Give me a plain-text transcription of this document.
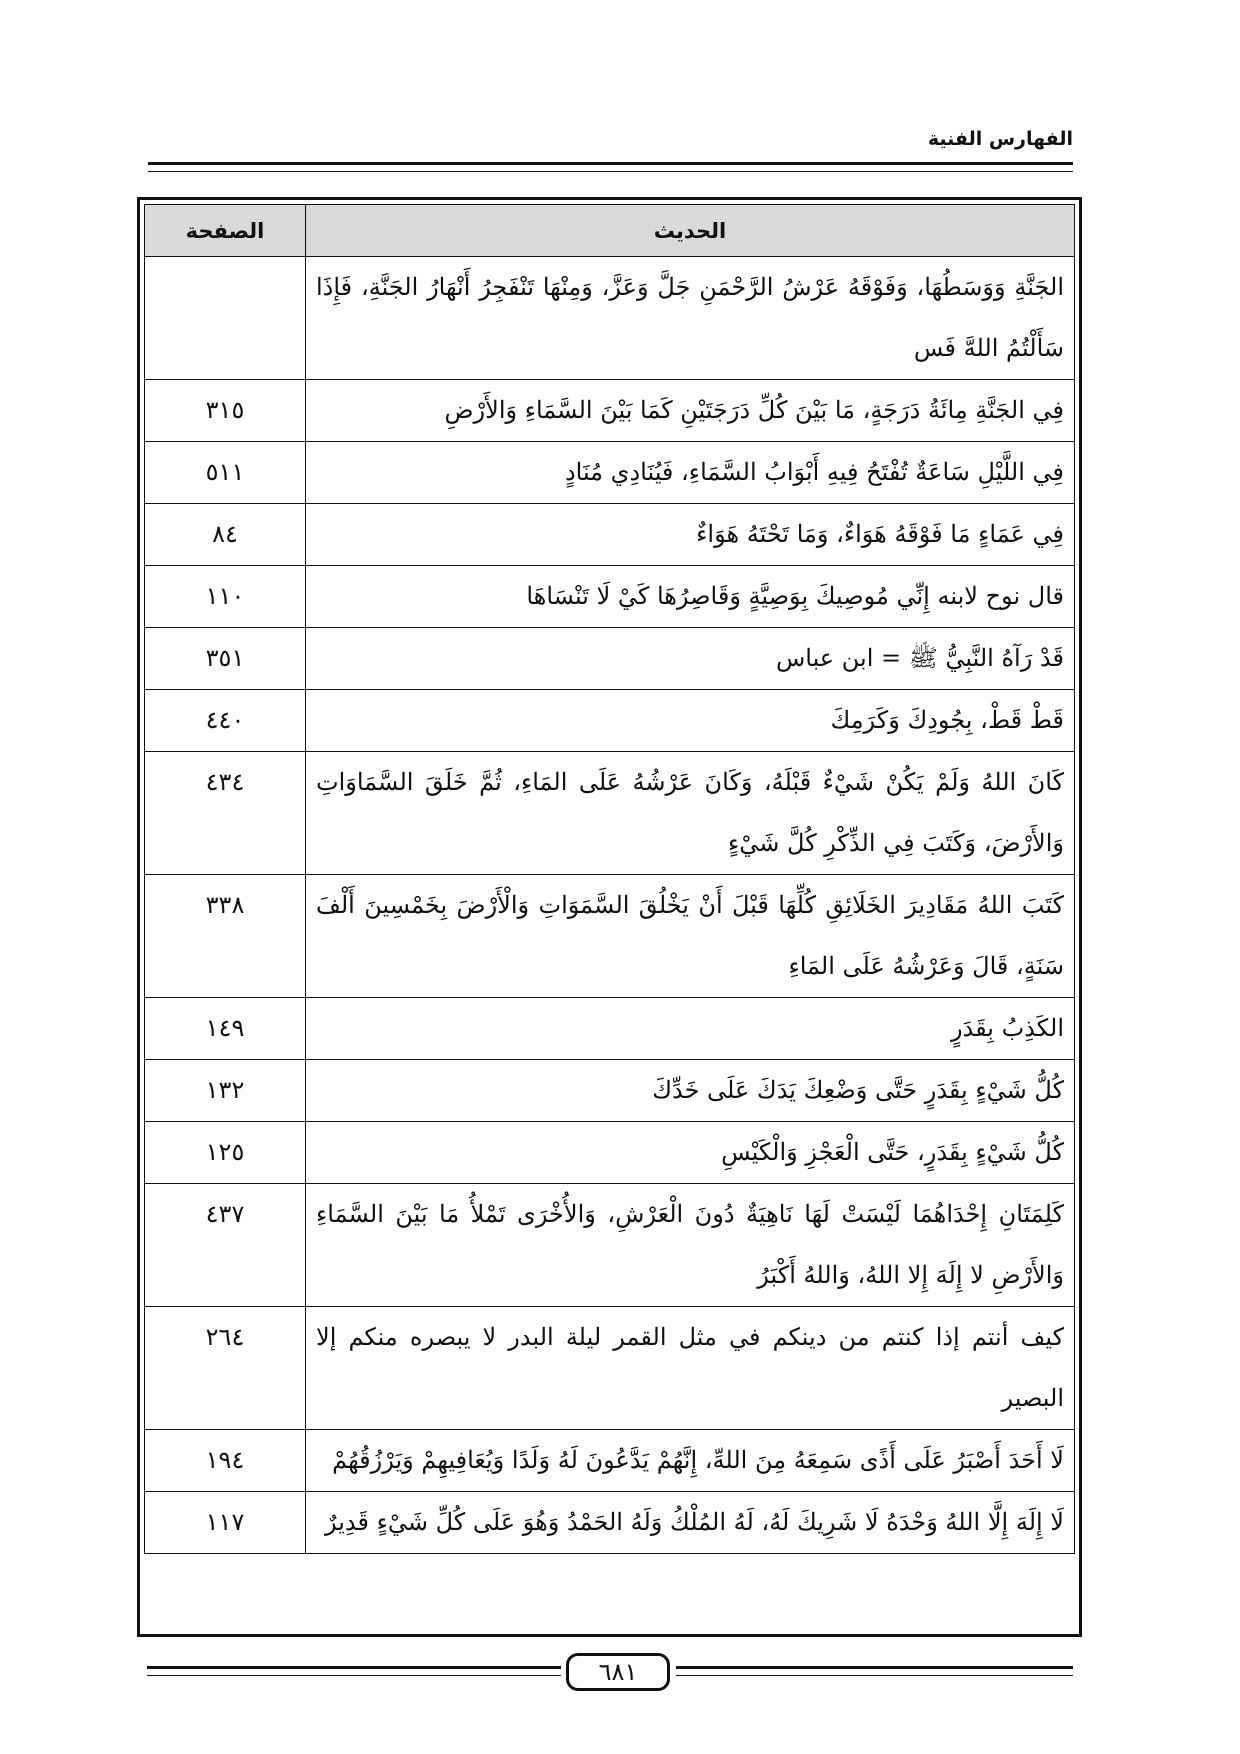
الفهارس الفنية
الحديث	الصفحة
الجَنَّةِ وَوَسَطُهَا، وَفَوْقَهُ عَرْشُ الرَّحْمَنِ جَلَّ وَعَزَّ، وَمِنْهَا تَنْفَجِرُ أَنْهَارُ الجَنَّةِ، فَإِذَا سَأَلْتُمُ اللهَّ فَس	
فِي الجَنَّةِ مِائَةُ دَرَجَةٍ، مَا بَيْنَ كُلِّ دَرَجَتَيْنِ كَمَا بَيْنَ السَّمَاءِ وَالأَرْضِ	٣١٥
فِي اللَّيْلِ سَاعَةٌ تُفْتَحُ فِيهِ أَبْوَابُ السَّمَاءِ، فَيُنَادِي مُنَادٍ	٥١١
فِي عَمَاءٍ مَا فَوْقَهُ هَوَاءٌ، وَمَا تَحْتَهُ هَوَاءٌ	٨٤
قال نوح لابنه إِنِّي مُوصِيكَ بِوَصِيَّةٍ وَقَاصِرُهَا كَيْ لَا تَنْسَاهَا	١١٠
قَدْ رَآهُ النَّبِيُّ ﷺ = ابن عباس	٣٥١
قَطْ قَطْ، بِجُودِكَ وَكَرَمِكَ	٤٤٠
كَانَ اللهُ وَلَمْ يَكُنْ شَيْءٌ قَبْلَهُ، وَكَانَ عَرْشُهُ عَلَى المَاءِ، ثُمَّ خَلَقَ السَّمَاوَاتِ وَالأَرْضَ، وَكَتَبَ فِي الذِّكْرِ كُلَّ شَيْءٍ	٤٣٤
كَتَبَ اللهُ مَقَادِيرَ الخَلَائِقِ كُلِّهَا قَبْلَ أَنْ يَخْلُقَ السَّمَوَاتِ وَالْأَرْضَ بِخَمْسِينَ أَلْفَ سَنَةٍ، قَالَ وَعَرْشُهُ عَلَى المَاءِ	٣٣٨
الكَذِبُ بِقَدَرٍ	١٤٩
كُلُّ شَيْءٍ بِقَدَرٍ حَتَّى وَضْعِكَ يَدَكَ عَلَى خَدِّكَ	١٣٢
كُلُّ شَيْءٍ بِقَدَرٍ، حَتَّى الْعَجْزِ وَالْكَيْسِ	١٢٥
كَلِمَتَانِ إِحْدَاهُمَا لَيْسَتْ لَهَا نَاهِيَةٌ دُونَ الْعَرْشِ، وَالأُخْرَى تَمْلأُ مَا بَيْنَ السَّمَاءِ وَالأَرْضِ لا إِلَهَ إِلا اللهُ، وَاللهُ أَكْبَرُ	٤٣٧
كيف أنتم إذا كنتم من دينكم في مثل القمر ليلة البدر لا يبصره منكم إلا البصير	٢٦٤
لَا أَحَدَ أَصْبَرُ عَلَى أَذًى سَمِعَهُ مِنَ اللهِّ، إِنَّهُمْ يَدَّعُونَ لَهُ وَلَدًا وَيُعَافِيهِمْ وَيَرْزُقُهُمْ	١٩٤
لَا إِلَهَ إِلَّا اللهُ وَحْدَهُ لَا شَرِيكَ لَهُ، لَهُ المُلْكُ وَلَهُ الحَمْدُ وَهُوَ عَلَى كُلِّ شَيْءٍ قَدِيرٌ	١١٧
٦٨١
